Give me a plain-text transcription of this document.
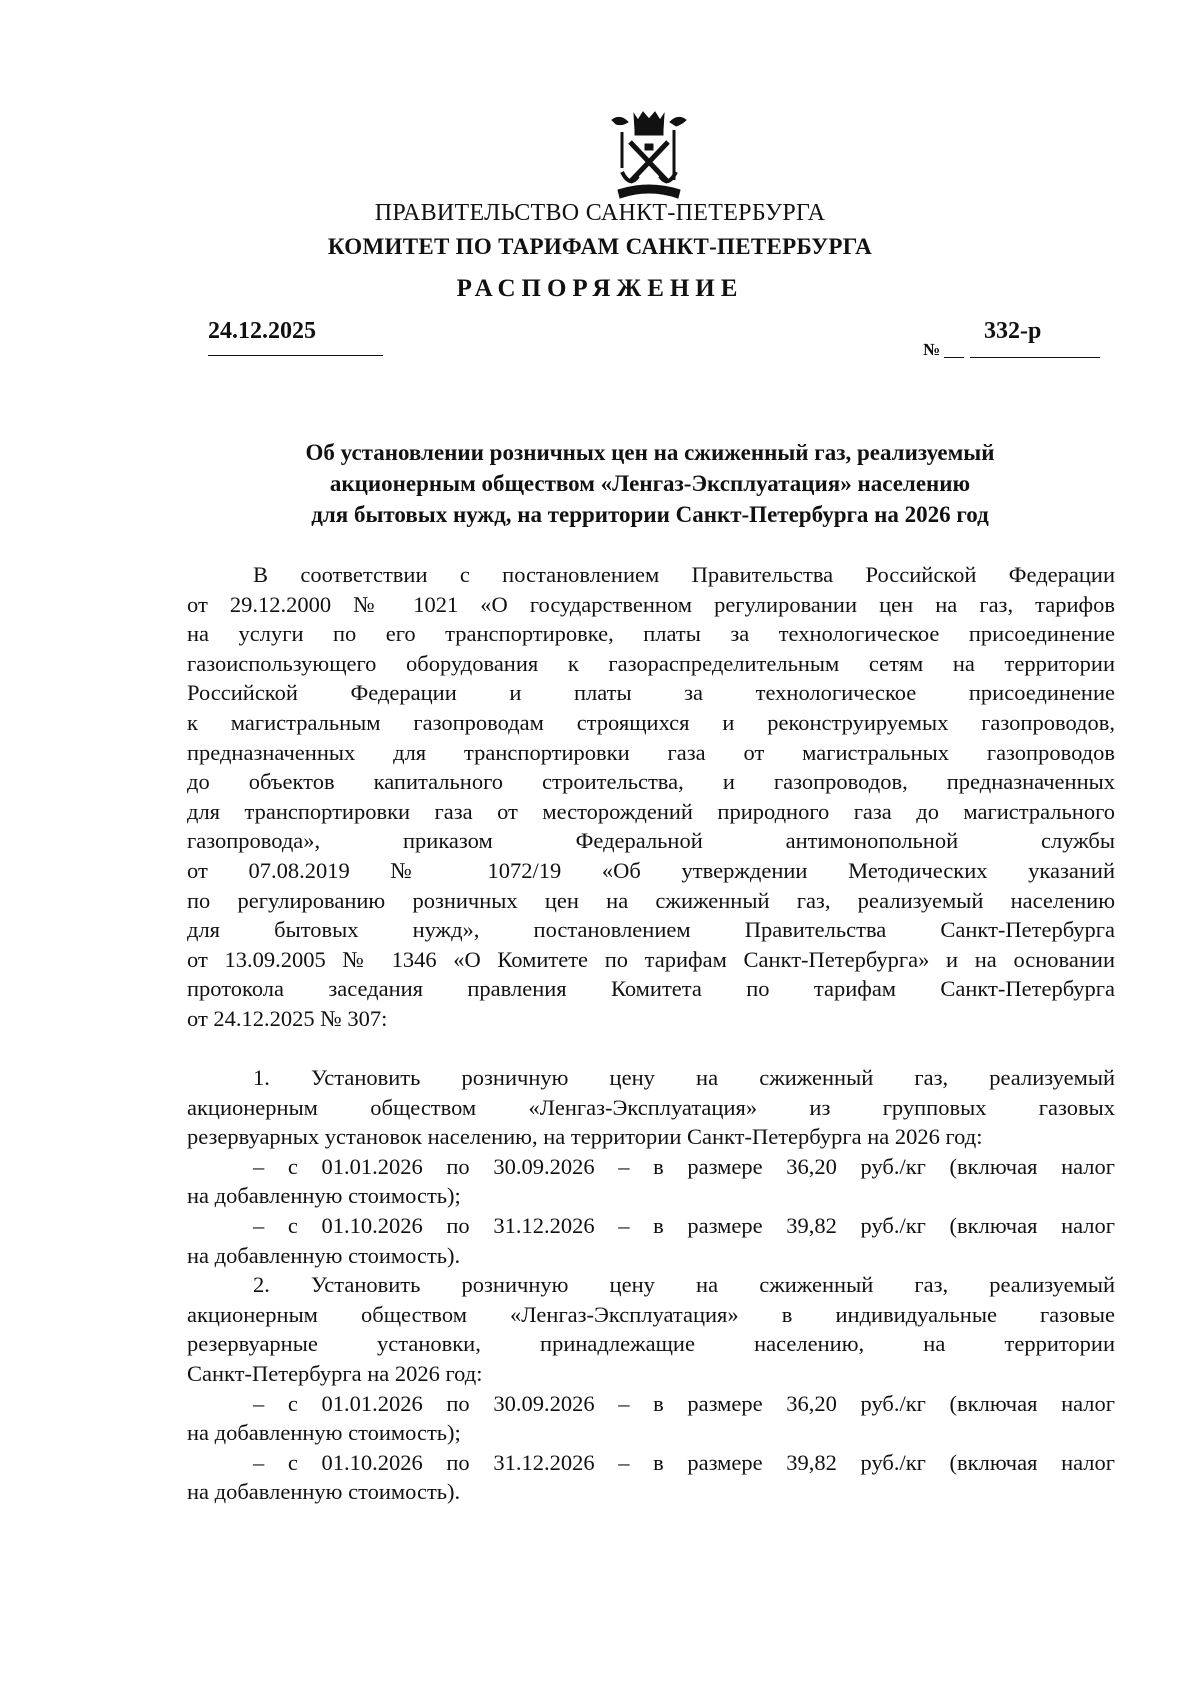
ПРАВИТЕЛЬСТВО САНКТ-ПЕТЕРБУРГА
КОМИТЕТ ПО ТАРИФАМ САНКТ-ПЕТЕРБУРГА
РАСПОРЯЖЕНИЕ
24.12.2025
№
332-р
Об установлении розничных цен на сжиженный газ, реализуемый
акционерным обществом «Ленгаз-Эксплуатация» населению
для бытовых нужд, на территории Санкт-Петербурга на 2026 год
В соответствии с постановлением Правительства Российской Федерации
от 29.12.2000 № 1021 «О государственном регулировании цен на газ, тарифов
на услуги по его транспортировке, платы за технологическое присоединение
газоиспользующего оборудования к газораспределительным сетям на территории
Российской Федерации и платы за технологическое присоединение
к магистральным газопроводам строящихся и реконструируемых газопроводов,
предназначенных для транспортировки газа от магистральных газопроводов
до объектов капитального строительства, и газопроводов, предназначенных
для транспортировки газа от месторождений природного газа до магистрального
газопровода», приказом Федеральной антимонопольной службы
от 07.08.2019 № 1072/19 «Об утверждении Методических указаний
по регулированию розничных цен на сжиженный газ, реализуемый населению
для бытовых нужд», постановлением Правительства Санкт-Петербурга
от 13.09.2005 № 1346 «О Комитете по тарифам Санкт-Петербурга» и на основании
протокола заседания правления Комитета по тарифам Санкт-Петербурга
от 24.12.2025 № 307:
1. Установить розничную цену на сжиженный газ, реализуемый
акционерным обществом «Ленгаз-Эксплуатация» из групповых газовых
резервуарных установок населению, на территории Санкт-Петербурга на 2026 год:
– с 01.01.2026 по 30.09.2026 – в размере 36,20 руб./кг (включая налог
на добавленную стоимость);
– с 01.10.2026 по 31.12.2026 – в размере 39,82 руб./кг (включая налог
на добавленную стоимость).
2. Установить розничную цену на сжиженный газ, реализуемый
акционерным обществом «Ленгаз-Эксплуатация» в индивидуальные газовые
резервуарные установки, принадлежащие населению, на территории
Санкт-Петербурга на 2026 год:
– с 01.01.2026 по 30.09.2026 – в размере 36,20 руб./кг (включая налог
на добавленную стоимость);
– с 01.10.2026 по 31.12.2026 – в размере 39,82 руб./кг (включая налог
на добавленную стоимость).
